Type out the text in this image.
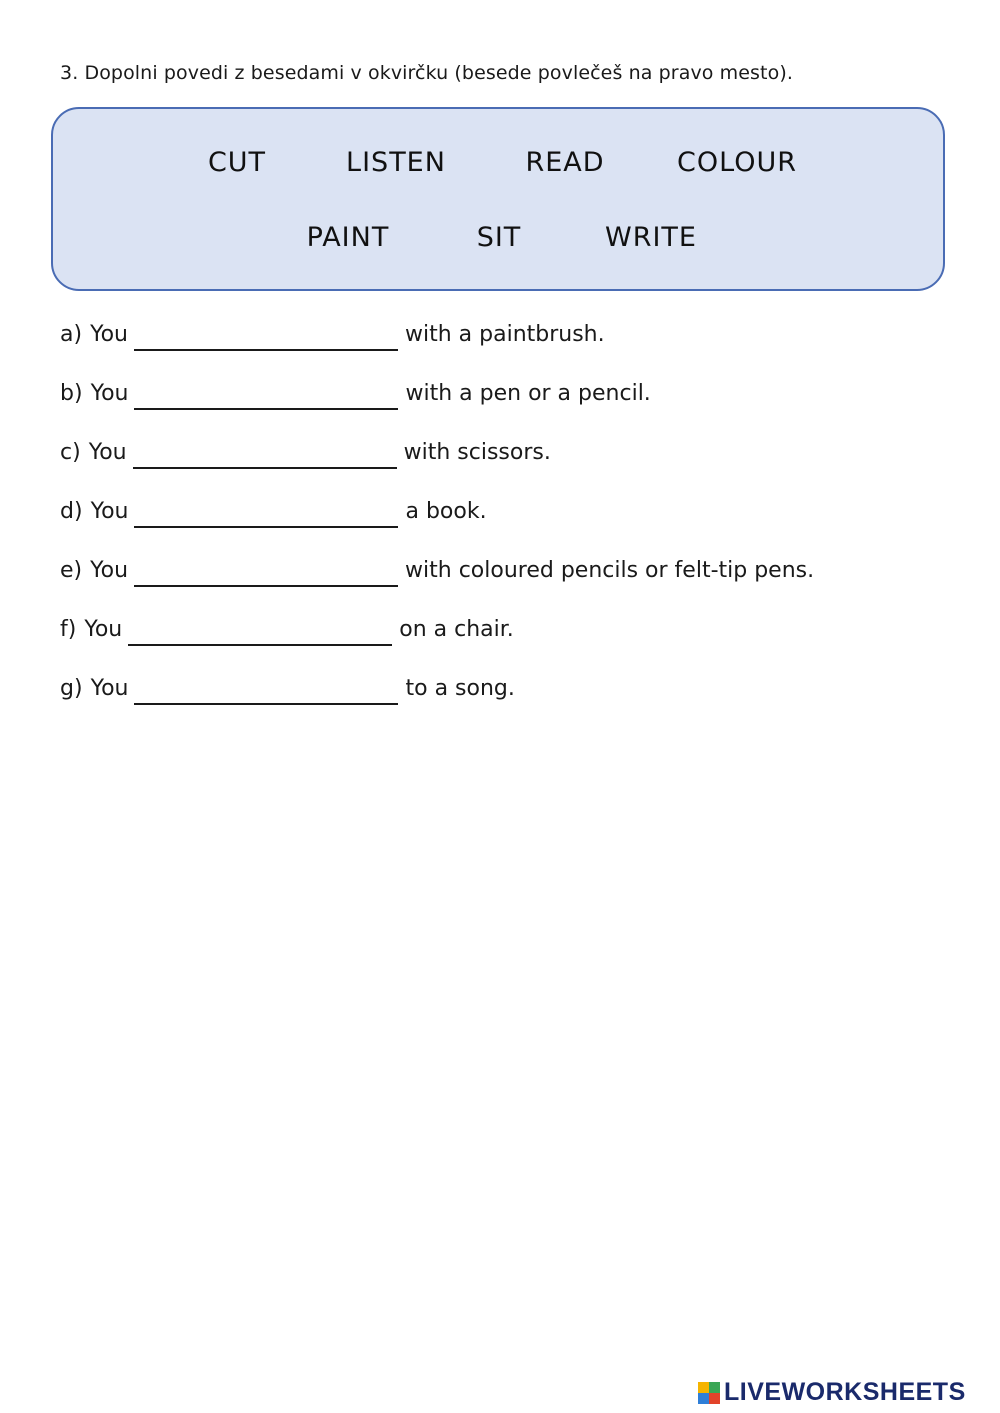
3. Dopolni povedi z besedami v okvirčku (besede povlečeš na pravo mesto).
CUT	LISTEN	READ	COLOUR
PAINT	SIT	WRITE
a) You	with a paintbrush.
b) You	with a pen or a pencil.
c) You	with scissors.
d) You	a book.
e) You	with coloured pencils or felt-tip pens.
f) You	on a chair.
g) You	to a song.
LIVEWORKSHEETS
